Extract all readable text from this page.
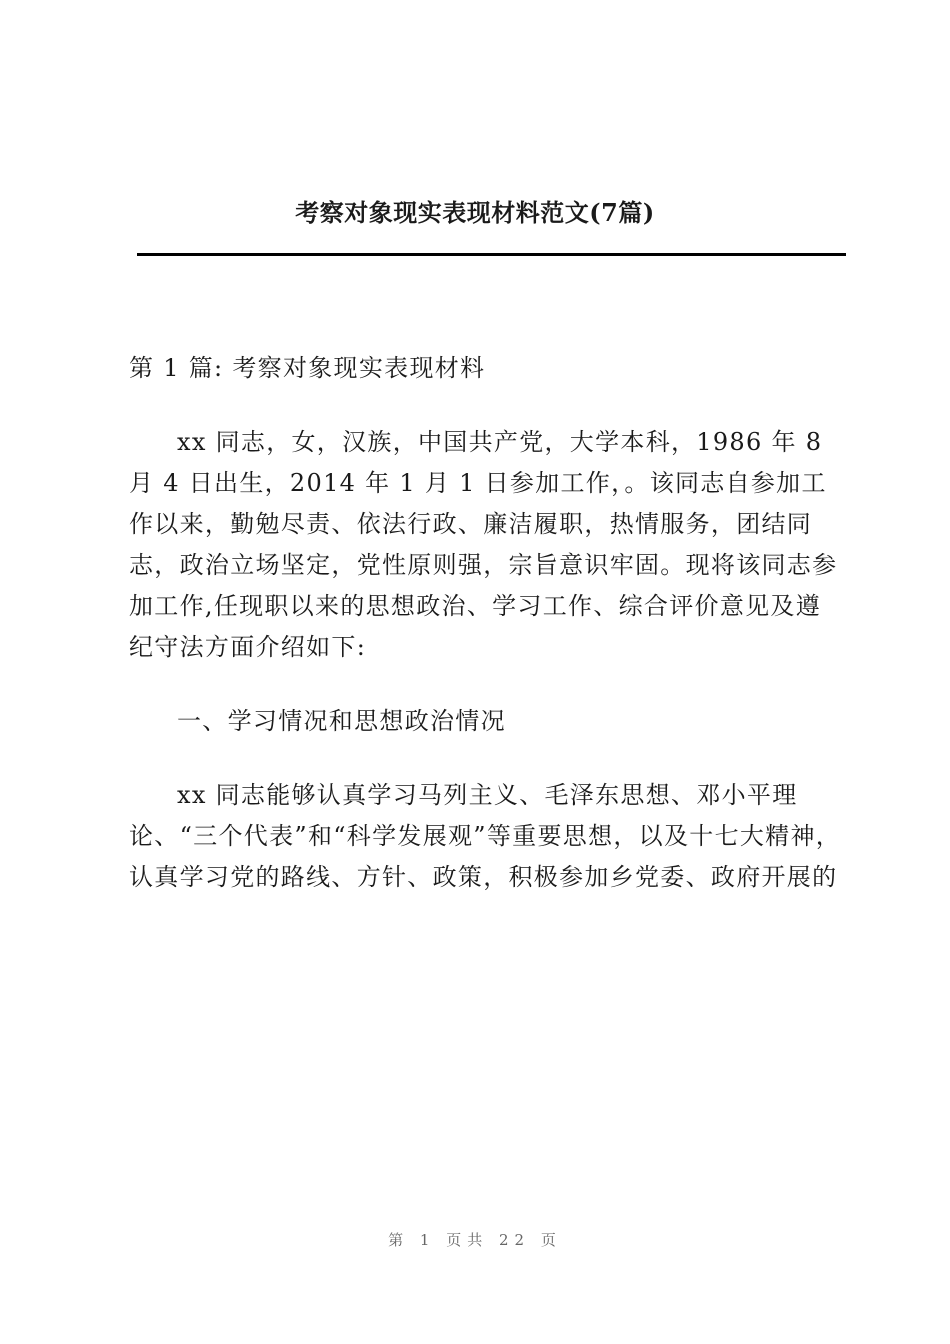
考察对象现实表现材料范文(7篇)

第 1 篇: 考察对象现实表现材料

xx 同志，女，汉族，中国共产党，大学本科，1986 年 8 月 4 日出生，2014 年 1 月 1 日参加工作，。该同志自参加工作以来，勤勉尽责、依法行政、廉洁履职，热情服务，团结同志，政治立场坚定，党性原则强，宗旨意识牢固。现将该同志参加工作,任现职以来的思想政治、学习工作、综合评价意见及遵纪守法方面介绍如下:

一、学习情况和思想政治情况

xx 同志能够认真学习马列主义、毛泽东思想、邓小平理论、“三个代表”和“科学发展观”等重要思想，以及十七大精神，认真学习党的路线、方针、政策，积极参加乡党委、政府开展的

第 1 页共 22 页
